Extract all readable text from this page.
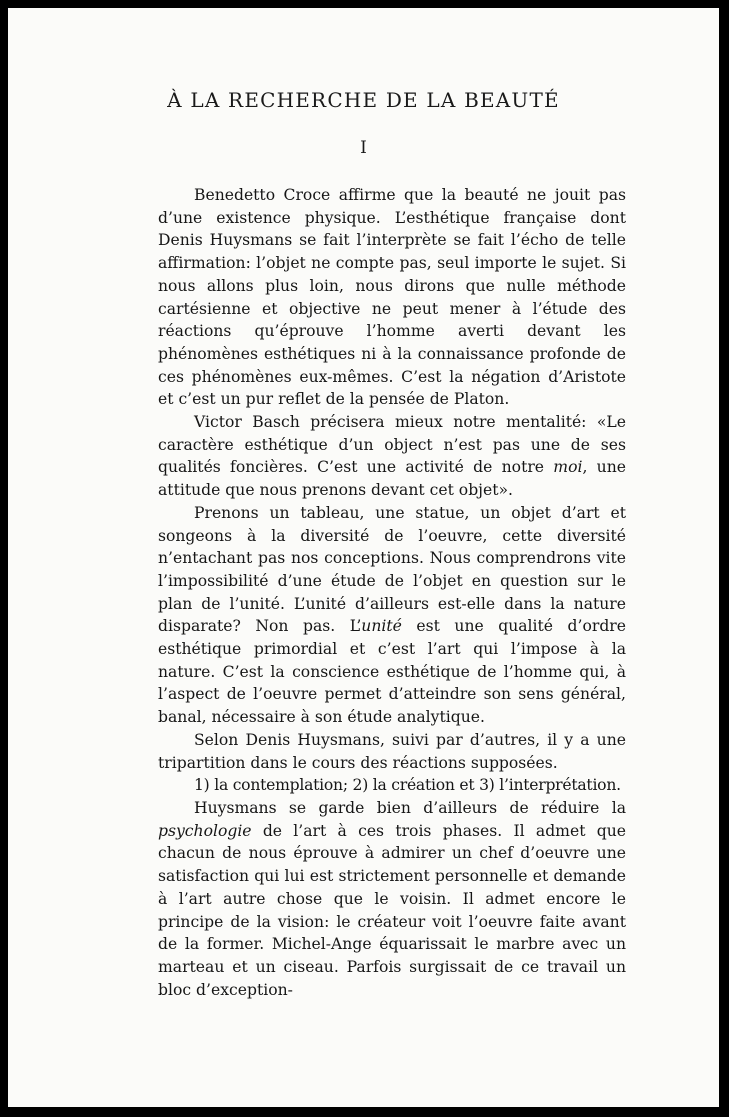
À LA RECHERCHE DE LA BEAUTÉ
I

Benedetto Croce affirme que la beauté ne jouit pas d’une existence physique. L’esthétique française dont Denis Huysmans se fait l’interprète se fait l’écho de telle affirmation: l’objet ne compte pas, seul importe le sujet. Si nous allons plus loin, nous dirons que nulle méthode cartésienne et objective ne peut mener à l’étude des réactions qu’éprouve l’homme averti devant les phénomènes esthétiques ni à la connaissance profonde de ces phénomènes eux-mêmes. C’est la négation d’Aristote et c’est un pur reflet de la pensée de Platon.

Victor Basch précisera mieux notre mentalité: «Le caractère esthétique d’un object n’est pas une de ses qualités foncières. C’est une activité de notre moi, une attitude que nous prenons devant cet objet».

Prenons un tableau, une statue, un objet d’art et songeons à la diversité de l’oeuvre, cette diversité n’entachant pas nos conceptions. Nous comprendrons vite l’impossibilité d’une étude de l’objet en question sur le plan de l’unité. L’unité d’ailleurs est-elle dans la nature disparate? Non pas. L’unité est une qualité d’ordre esthétique primordial et c’est l’art qui l’impose à la nature. C’est la conscience esthétique de l’homme qui, à l’aspect de l’oeuvre permet d’atteindre son sens général, banal, nécessaire à son étude analytique.

Selon Denis Huysmans, suivi par d’autres, il y a une tripartition dans le cours des réactions supposées.

1) la contemplation; 2) la création et 3) l’interprétation.

Huysmans se garde bien d’ailleurs de réduire la psychologie de l’art à ces trois phases. Il admet que chacun de nous éprouve à admirer un chef d’oeuvre une satisfaction qui lui est strictement personnelle et demande à l’art autre chose que le voisin. Il admet encore le principe de la vision: le créateur voit l’oeuvre faite avant de la former. Michel-Ange équarissait le marbre avec un marteau et un ciseau. Parfois surgissait de ce travail un bloc d’exception-
